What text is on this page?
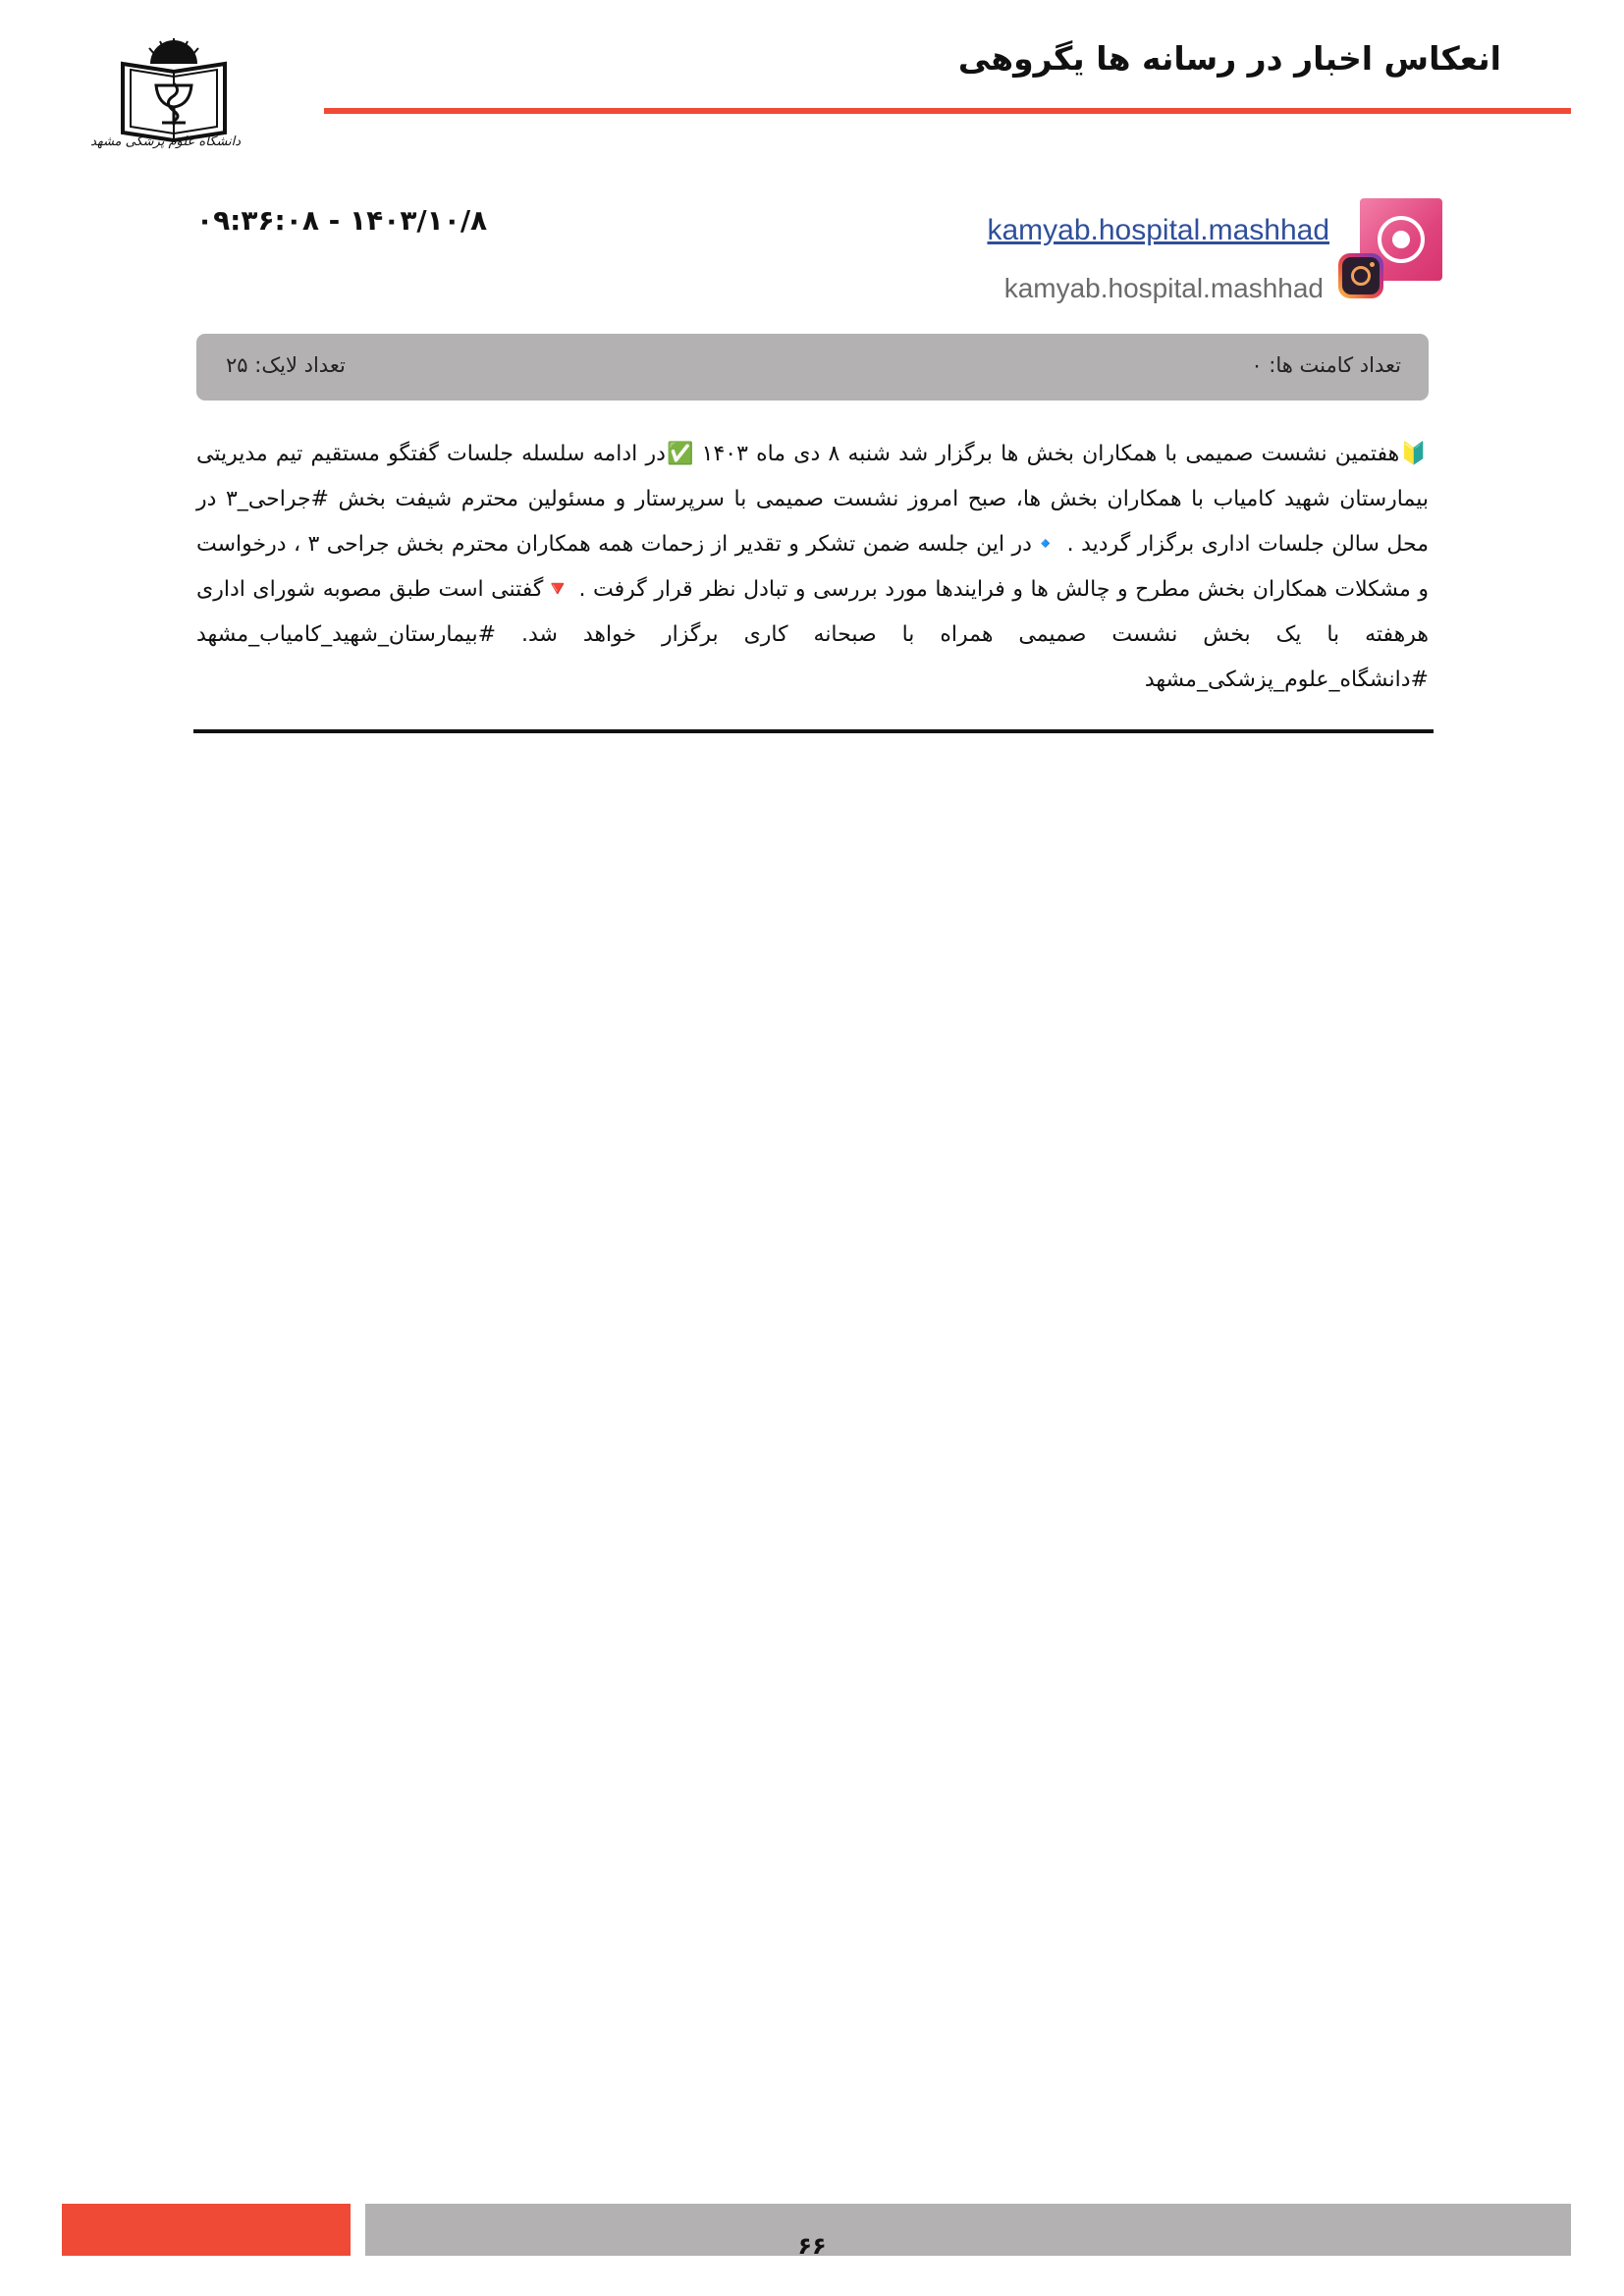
انعکاس اخبار در رسانه ها یگروهی
دانشگاه علوم پزشکی مشهد
kamyab.hospital.mashhad
kamyab.hospital.mashhad
۰۹:۳۶:۰۸ - ۱۴۰۳/۱۰/۸
تعداد کامنت ها: ۰
تعداد لایک: ۲۵
🔰هفتمین نشست صمیمی با همکاران بخش ها برگزار شد شنبه ۸ دی ماه ۱۴۰۳ ✅در ادامه سلسله جلسات گفتگو مستقیم تیم مدیریتی بیمارستان شهید کامیاب با همکاران بخش ها، صبح امروز نشست صمیمی با سرپرستار و مسئولین محترم شیفت بخش #جراحی_۳ در محل سالن جلسات اداری برگزار گردید . 🔹در این جلسه ضمن تشکر و تقدیر از زحمات همه همکاران محترم بخش جراحی ۳ ، درخواست و مشکلات همکاران بخش مطرح و چالش ها و فرایندها مورد بررسی و تبادل نظر قرار گرفت . 🔻گفتنی است طبق مصوبه شورای اداری هرهفته با یک بخش نشست صمیمی همراه با صبحانه کاری برگزار خواهد شد. #بیمارستان_شهید_کامیاب_مشهد #دانشگاه_علوم_پزشکی_مشهد
۶۶
